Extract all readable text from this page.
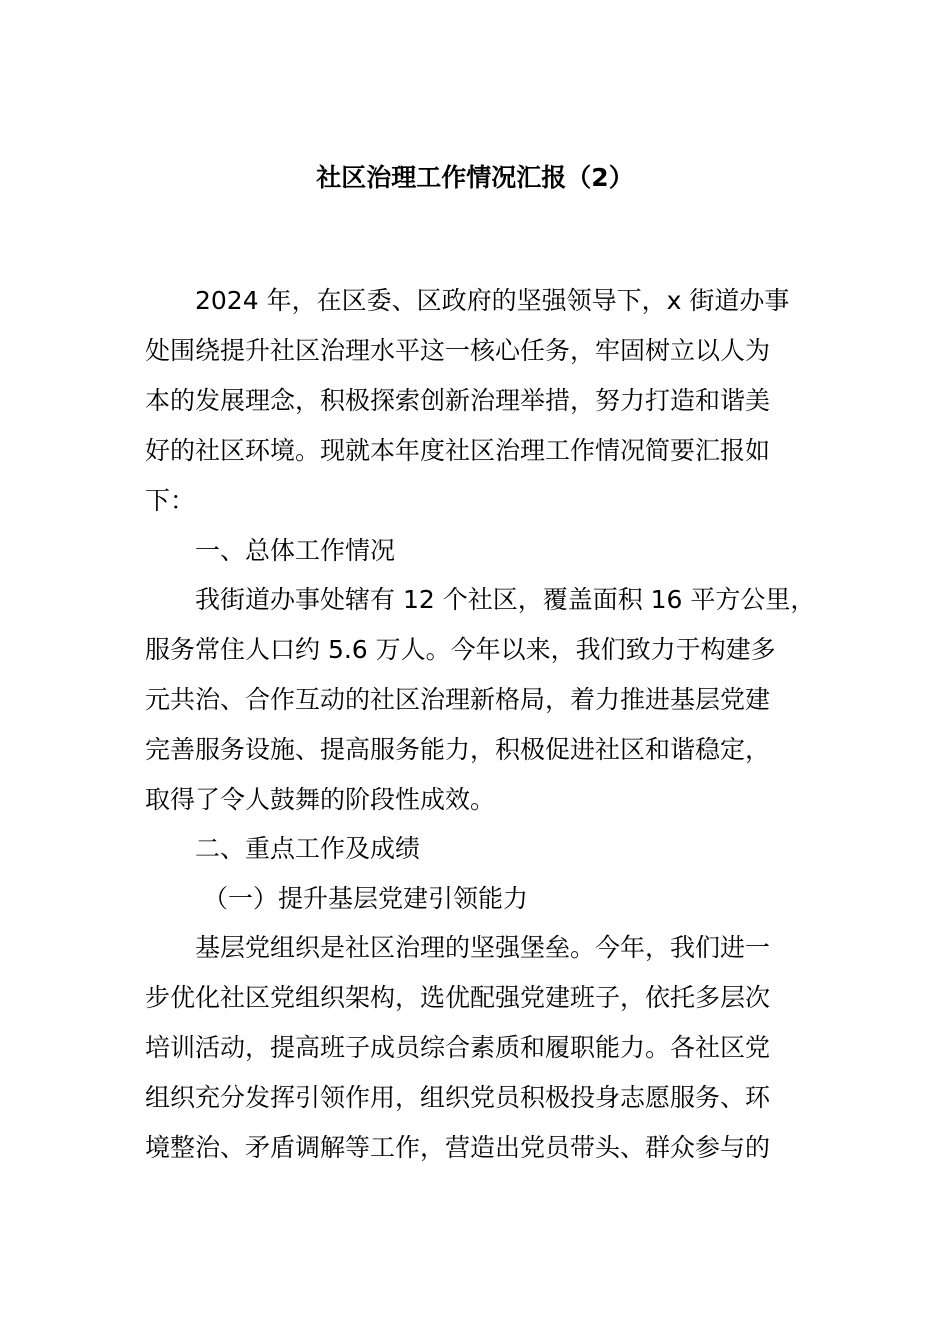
社区治理工作情况汇报（2）
2024 年，在区委、区政府的坚强领导下，x 街道办事
处围绕提升社区治理水平这一核心任务，牢固树立以人为
本的发展理念，积极探索创新治理举措，努力打造和谐美
好的社区环境。现就本年度社区治理工作情况简要汇报如
下：
一、总体工作情况
我街道办事处辖有 12 个社区，覆盖面积 16 平方公里，
服务常住人口约 5.6 万人。今年以来，我们致力于构建多
元共治、合作互动的社区治理新格局，着力推进基层党建
完善服务设施、提高服务能力，积极促进社区和谐稳定，
取得了令人鼓舞的阶段性成效。
二、重点工作及成绩
（一）提升基层党建引领能力
基层党组织是社区治理的坚强堡垒。今年，我们进一
步优化社区党组织架构，选优配强党建班子，依托多层次
培训活动，提高班子成员综合素质和履职能力。各社区党
组织充分发挥引领作用，组织党员积极投身志愿服务、环
境整治、矛盾调解等工作，营造出党员带头、群众参与的
